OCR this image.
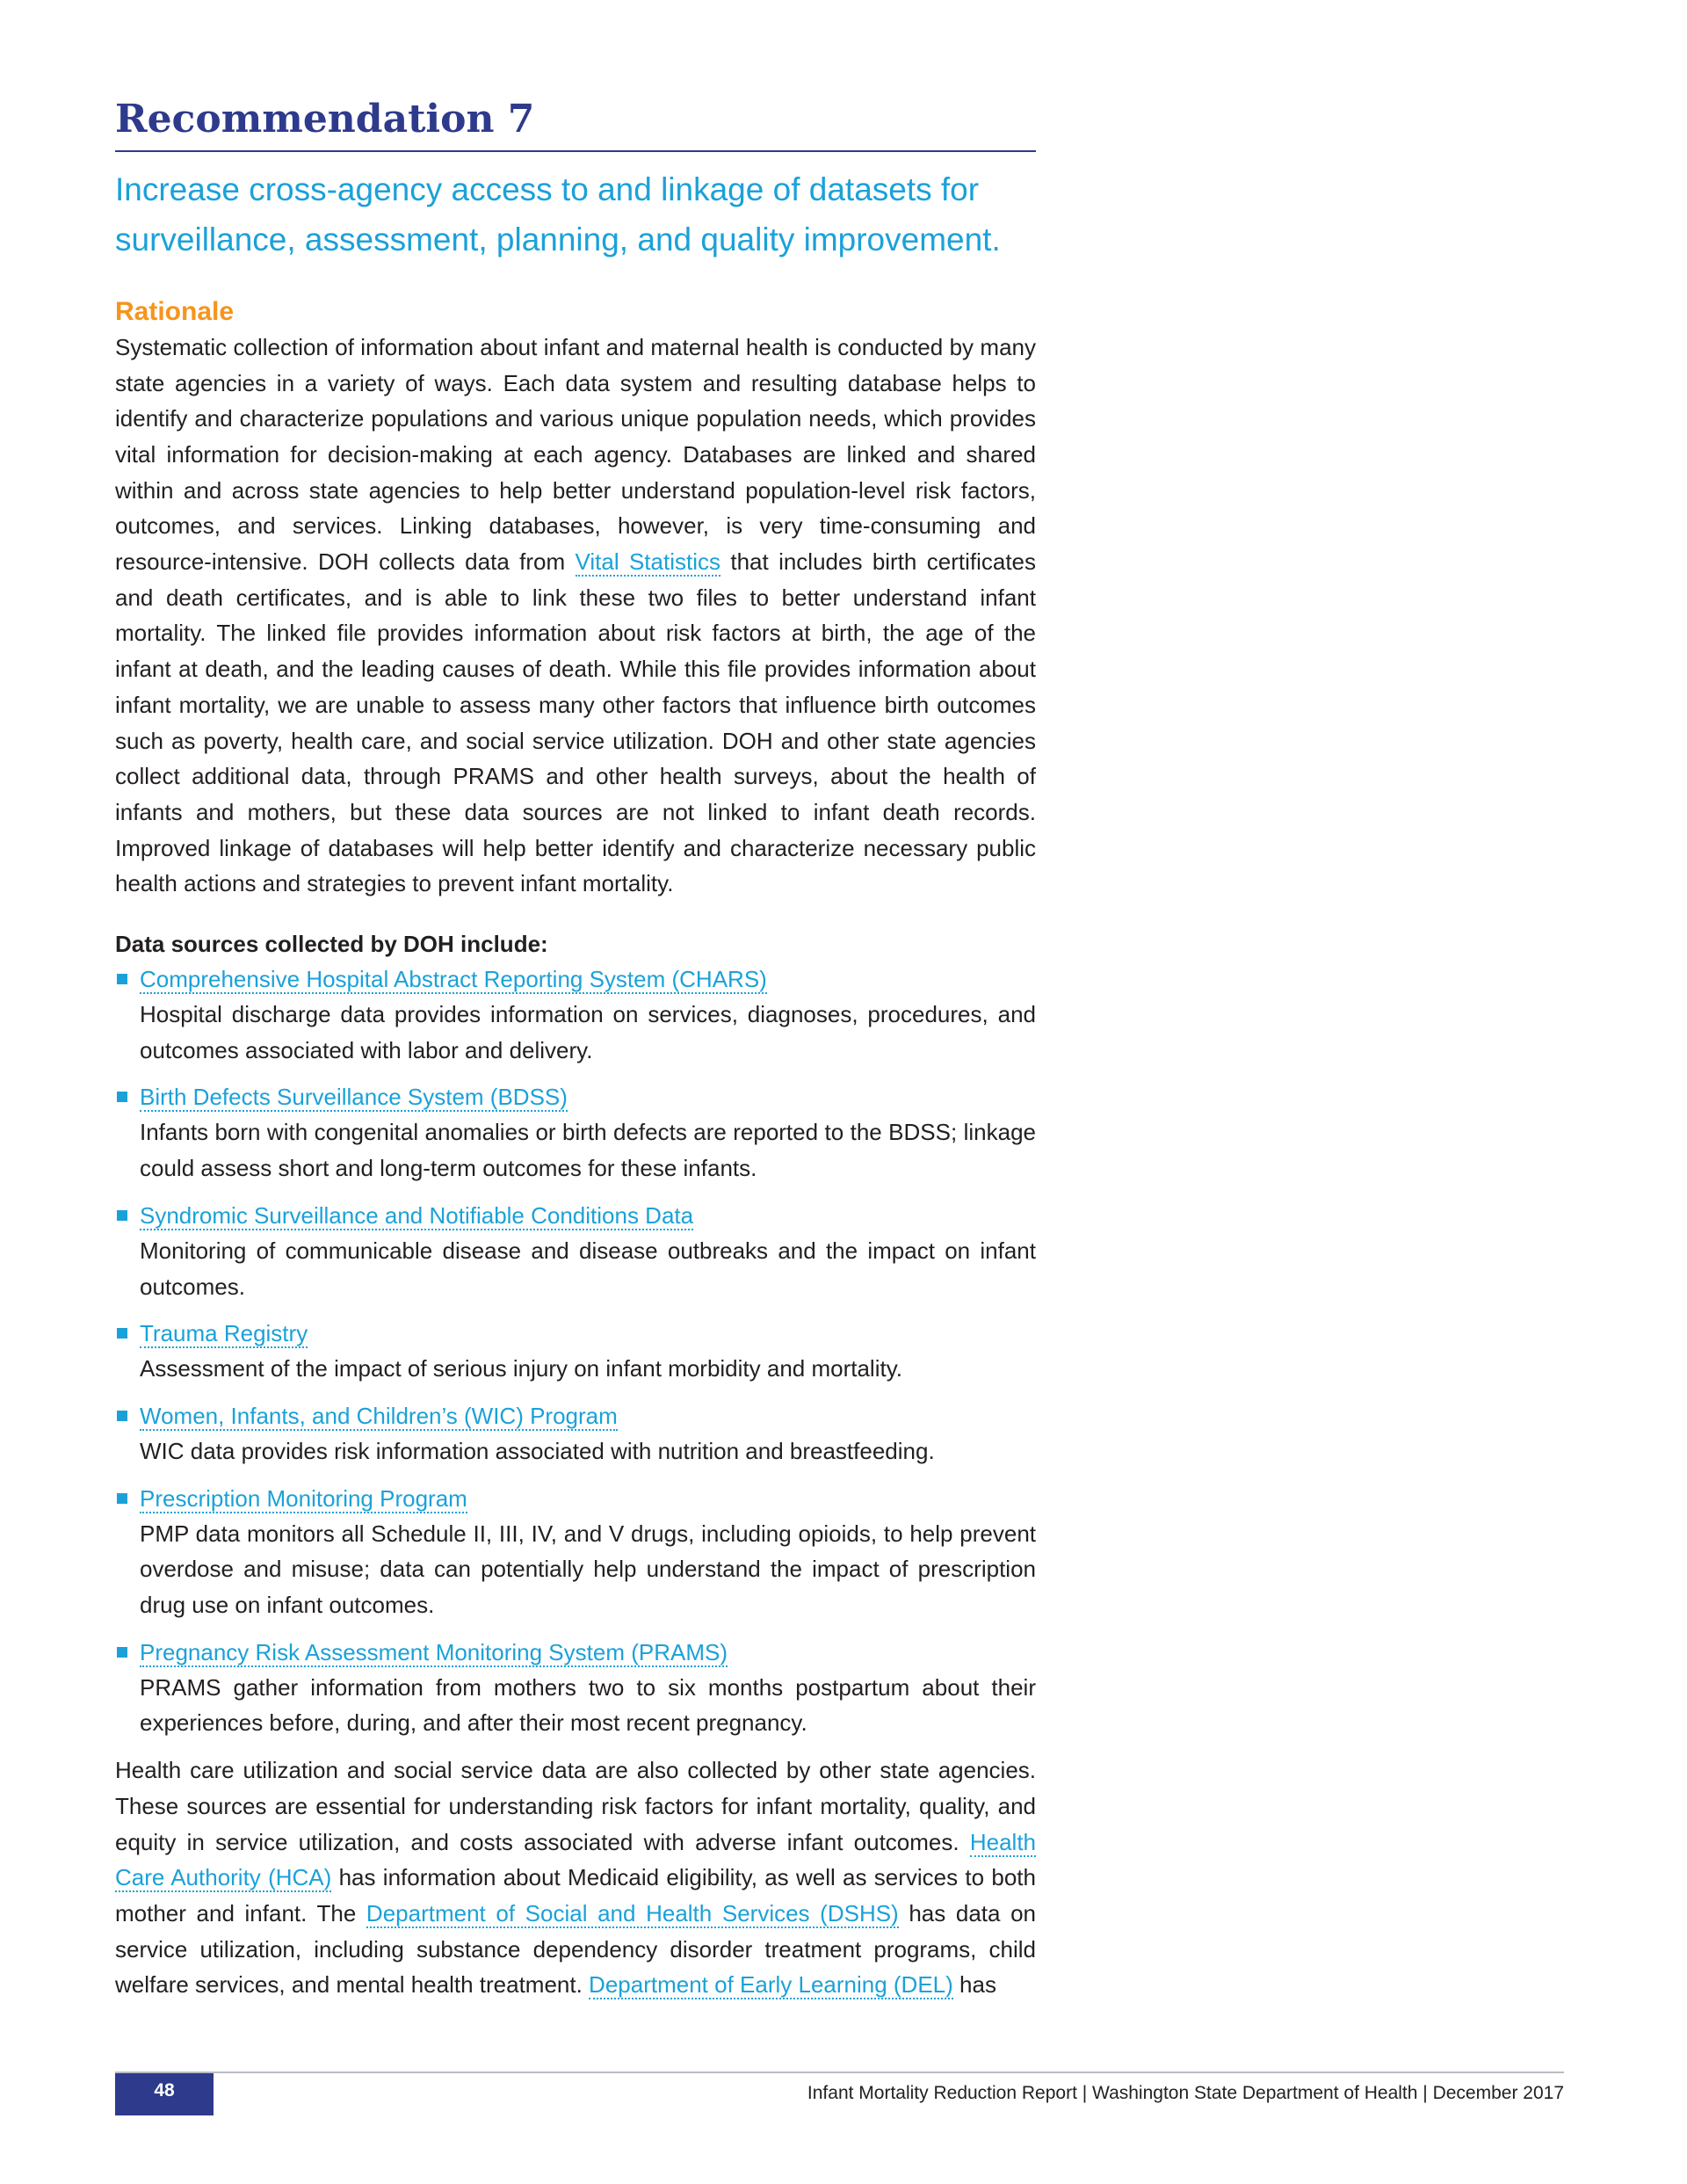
Recommendation 7
Increase cross-agency access to and linkage of datasets for surveillance, assessment, planning, and quality improvement.
Rationale

Systematic collection of information about infant and maternal health is conducted by many state agencies in a variety of ways. Each data system and resulting database helps to identify and characterize populations and various unique population needs, which provides vital information for decision-making at each agency. Databases are linked and shared within and across state agencies to help better understand population-level risk factors, outcomes, and services. Linking databases, however, is very time-consuming and resource-intensive. DOH collects data from Vital Statistics that includes birth certificates and death certificates, and is able to link these two files to better understand infant mortality. The linked file provides information about risk factors at birth, the age of the infant at death, and the leading causes of death. While this file provides information about infant mortality, we are unable to assess many other factors that influence birth outcomes such as poverty, health care, and social service utilization. DOH and other state agencies collect additional data, through PRAMS and other health surveys, about the health of infants and mothers, but these data sources are not linked to infant death records. Improved linkage of databases will help better identify and characterize necessary public health actions and strategies to prevent infant mortality.

Data sources collected by DOH include:
Comprehensive Hospital Abstract Reporting System (CHARS)

Hospital discharge data provides information on services, diagnoses, procedures, and outcomes associated with labor and delivery.

Birth Defects Surveillance System (BDSS)

Infants born with congenital anomalies or birth defects are reported to the BDSS; linkage could assess short and long-term outcomes for these infants.

Syndromic Surveillance and Notifiable Conditions Data

Monitoring of communicable disease and disease outbreaks and the impact on infant outcomes.

Trauma Registry

Assessment of the impact of serious injury on infant morbidity and mortality.

Women, Infants, and Children’s (WIC) Program

WIC data provides risk information associated with nutrition and breastfeeding.

Prescription Monitoring Program

PMP data monitors all Schedule II, III, IV, and V drugs, including opioids, to help prevent overdose and misuse; data can potentially help understand the impact of prescription drug use on infant outcomes.

Pregnancy Risk Assessment Monitoring System (PRAMS)

PRAMS gather information from mothers two to six months postpartum about their experiences before, during, and after their most recent pregnancy.

Health care utilization and social service data are also collected by other state agencies. These sources are essential for understanding risk factors for infant mortality, quality, and equity in service utilization, and costs associated with adverse infant outcomes. Health Care Authority (HCA) has information about Medicaid eligibility, as well as services to both mother and infant. The Department of Social and Health Services (DSHS) has data on service utilization, including substance dependency disorder treatment programs, child welfare services, and mental health treatment. Department of Early Learning (DEL) has

48	Infant Mortality Reduction Report | Washington State Department of Health | December 2017
